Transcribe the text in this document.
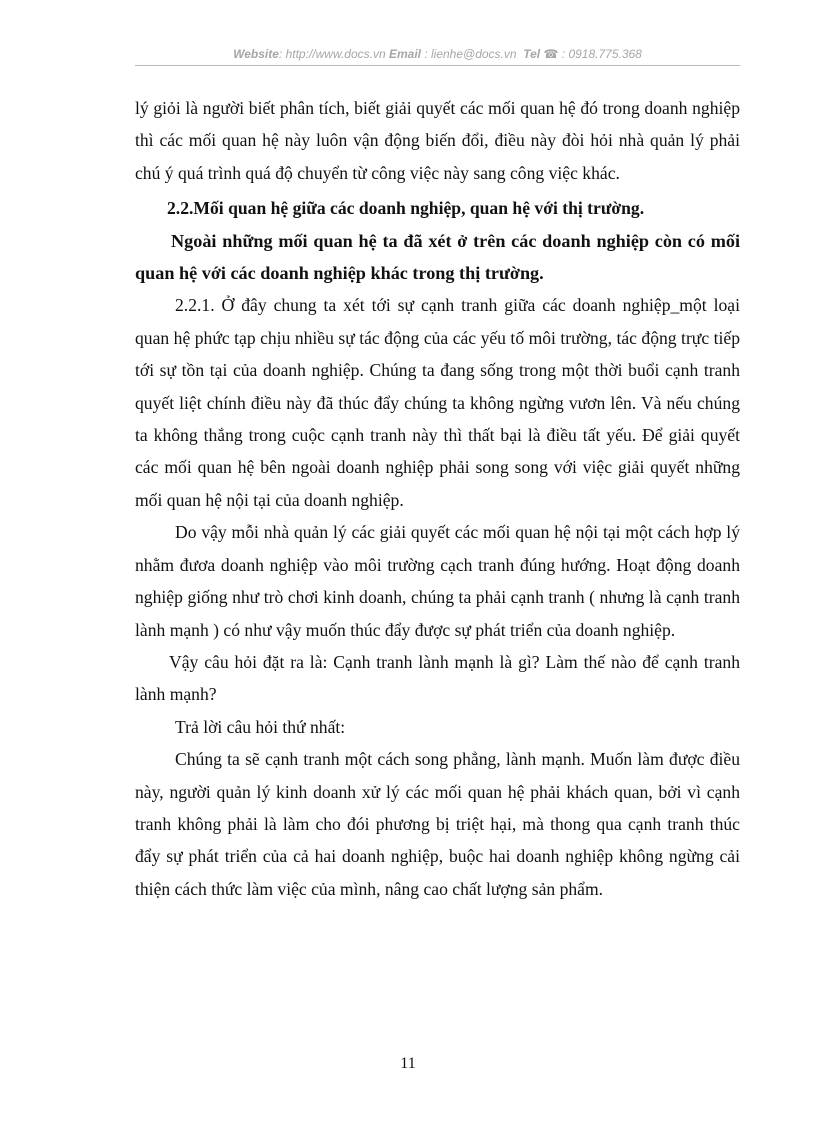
Website: http://www.docs.vn Email : lienhe@docs.vn Tel ☎ : 0918.775.368

lý giỏi là người biết phân tích, biết giải quyết các mối quan hệ đó trong doanh nghiệp thì các mối quan hệ này luôn vận động biến đổi, điều này đòi hỏi nhà quản lý phải chú ý quá trình quá độ chuyển từ công việc này sang công việc khác.

2.2.Mối quan hệ giữa các doanh nghiệp, quan hệ với thị trường.

Ngoài những mối quan hệ ta đã xét ở trên các doanh nghiệp còn có mối quan hệ với các doanh nghiệp khác trong thị trường.

2.2.1. Ở đây chung ta xét tới sự cạnh tranh giữa các doanh nghiệp_một loại quan hệ phức tạp chịu nhiều sự tác động của các yếu tố môi trường, tác động trực tiếp tới sự tồn tại của doanh nghiệp. Chúng ta đang sống trong một thời buổi cạnh tranh quyết liệt chính điều này đã thúc đẩy chúng ta không ngừng vươn lên. Và nếu chúng ta không thắng trong cuộc cạnh tranh này thì thất bại là điều tất yếu. Để giải quyết các mối quan hệ bên ngoài doanh nghiệp phải song song với việc giải quyết những mối quan hệ nội tại của doanh nghiệp.

Do vậy mỗi nhà quản lý các giải quyết các mối quan hệ nội tại một cách hợp lý nhằm đươa doanh nghiệp vào môi trường cạch tranh đúng hướng. Hoạt động doanh nghiệp giống như trò chơi kinh doanh, chúng ta phải cạnh tranh ( nhưng là cạnh tranh lành mạnh ) có như vậy muốn thúc đẩy được sự phát triển của doanh nghiệp.

Vậy câu hỏi đặt ra là: Cạnh tranh lành mạnh là gì? Làm thế nào để cạnh tranh lành mạnh?

Trả lời câu hỏi thứ nhất:

Chúng ta sẽ cạnh tranh một cách song phẳng, lành mạnh. Muốn làm được điều này, người quản lý kinh doanh xử lý các mối quan hệ phải khách quan, bởi vì cạnh tranh không phải là làm cho đói phương bị triệt hại, mà thong qua cạnh tranh thúc đẩy sự phát triển của cả hai doanh nghiệp, buộc hai doanh nghiệp không ngừng cải thiện cách thức làm việc của mình, nâng cao chất lượng sản phẩm.

11
